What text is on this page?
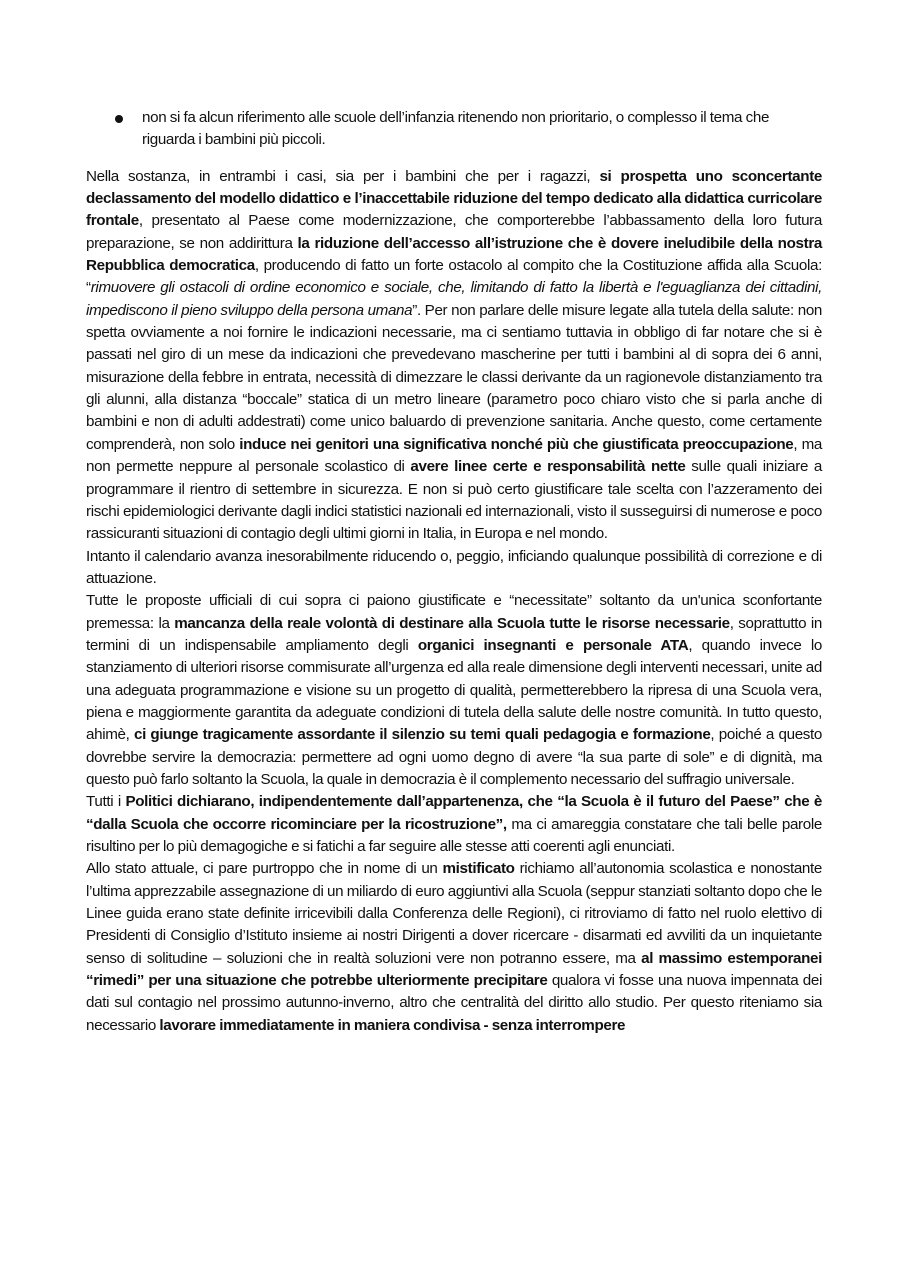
non si fa alcun riferimento alle scuole dell’infanzia ritenendo non prioritario, o complesso il tema che riguarda i bambini più piccoli.

Nella sostanza, in entrambi i casi, sia per i bambini che per i ragazzi, si prospetta uno sconcertante declassamento del modello didattico e l’inaccettabile riduzione del tempo dedicato alla didattica curricolare frontale, presentato al Paese come modernizzazione, che comporterebbe l’abbassamento della loro futura preparazione, se non addirittura la riduzione dell’accesso all’istruzione che è dovere ineludibile della nostra Repubblica democratica, producendo di fatto un forte ostacolo al compito che la Costituzione affida alla Scuola: “rimuovere gli ostacoli di ordine economico e sociale, che, limitando di fatto la libertà e l'eguaglianza dei cittadini, impediscono il pieno sviluppo della persona umana”. Per non parlare delle misure legate alla tutela della salute: non spetta ovviamente a noi fornire le indicazioni necessarie, ma ci sentiamo tuttavia in obbligo di far notare che si è passati nel giro di un mese da indicazioni che prevedevano mascherine per tutti i bambini al di sopra dei 6 anni, misurazione della febbre in entrata, necessità di dimezzare le classi derivante da un ragionevole distanziamento tra gli alunni, alla distanza “boccale” statica di un metro lineare (parametro poco chiaro visto che si parla anche di bambini e non di adulti addestrati) come unico baluardo di prevenzione sanitaria. Anche questo, come certamente comprenderà, non solo induce nei genitori una significativa nonché più che giustificata preoccupazione, ma non permette neppure al personale scolastico di avere linee certe e responsabilità nette sulle quali iniziare a programmare il rientro di settembre in sicurezza. E non si può certo giustificare tale scelta con l’azzeramento dei rischi epidemiologici derivante dagli indici statistici nazionali ed internazionali, visto il susseguirsi di numerose e poco rassicuranti situazioni di contagio degli ultimi giorni in Italia, in Europa e nel mondo.

Intanto il calendario avanza inesorabilmente riducendo o, peggio, inficiando qualunque possibilità di correzione e di attuazione.

Tutte le proposte ufficiali di cui sopra ci paiono giustificate e “necessitate” soltanto da un'unica sconfortante premessa: la mancanza della reale volontà di destinare alla Scuola tutte le risorse necessarie, soprattutto in termini di un indispensabile ampliamento degli organici insegnanti e personale ATA, quando invece lo stanziamento di ulteriori risorse commisurate all’urgenza ed alla reale dimensione degli interventi necessari, unite ad una adeguata programmazione e visione su un progetto di qualità, permetterebbero la ripresa di una Scuola vera, piena e maggiormente garantita da adeguate condizioni di tutela della salute delle nostre comunità. In tutto questo, ahimè, ci giunge tragicamente assordante il silenzio su temi quali pedagogia e formazione, poiché a questo dovrebbe servire la democrazia: permettere ad ogni uomo degno di avere “la sua parte di sole” e di dignità, ma questo può farlo soltanto la Scuola, la quale in democrazia è il complemento necessario del suffragio universale.

Tutti i Politici dichiarano, indipendentemente dall’appartenenza, che “la Scuola è il futuro del Paese” che è “dalla Scuola che occorre ricominciare per la ricostruzione”, ma ci amareggia constatare che tali belle parole risultino per lo più demagogiche e si fatichi a far seguire alle stesse atti coerenti agli enunciati.

Allo stato attuale, ci pare purtroppo che in nome di un mistificato richiamo all’autonomia scolastica e nonostante l’ultima apprezzabile assegnazione di un miliardo di euro aggiuntivi alla Scuola (seppur stanziati soltanto dopo che le Linee guida erano state definite irricevibili dalla Conferenza delle Regioni), ci ritroviamo di fatto nel ruolo elettivo di Presidenti di Consiglio d’Istituto insieme ai nostri Dirigenti a dover ricercare - disarmati ed avviliti da un inquietante senso di solitudine – soluzioni che in realtà soluzioni vere non potranno essere, ma al massimo estemporanei “rimedi” per una situazione che potrebbe ulteriormente precipitare qualora vi fosse una nuova impennata dei dati sul contagio nel prossimo autunno-inverno, altro che centralità del diritto allo studio. Per questo riteniamo sia necessario lavorare immediatamente in maniera condivisa - senza interrompere
